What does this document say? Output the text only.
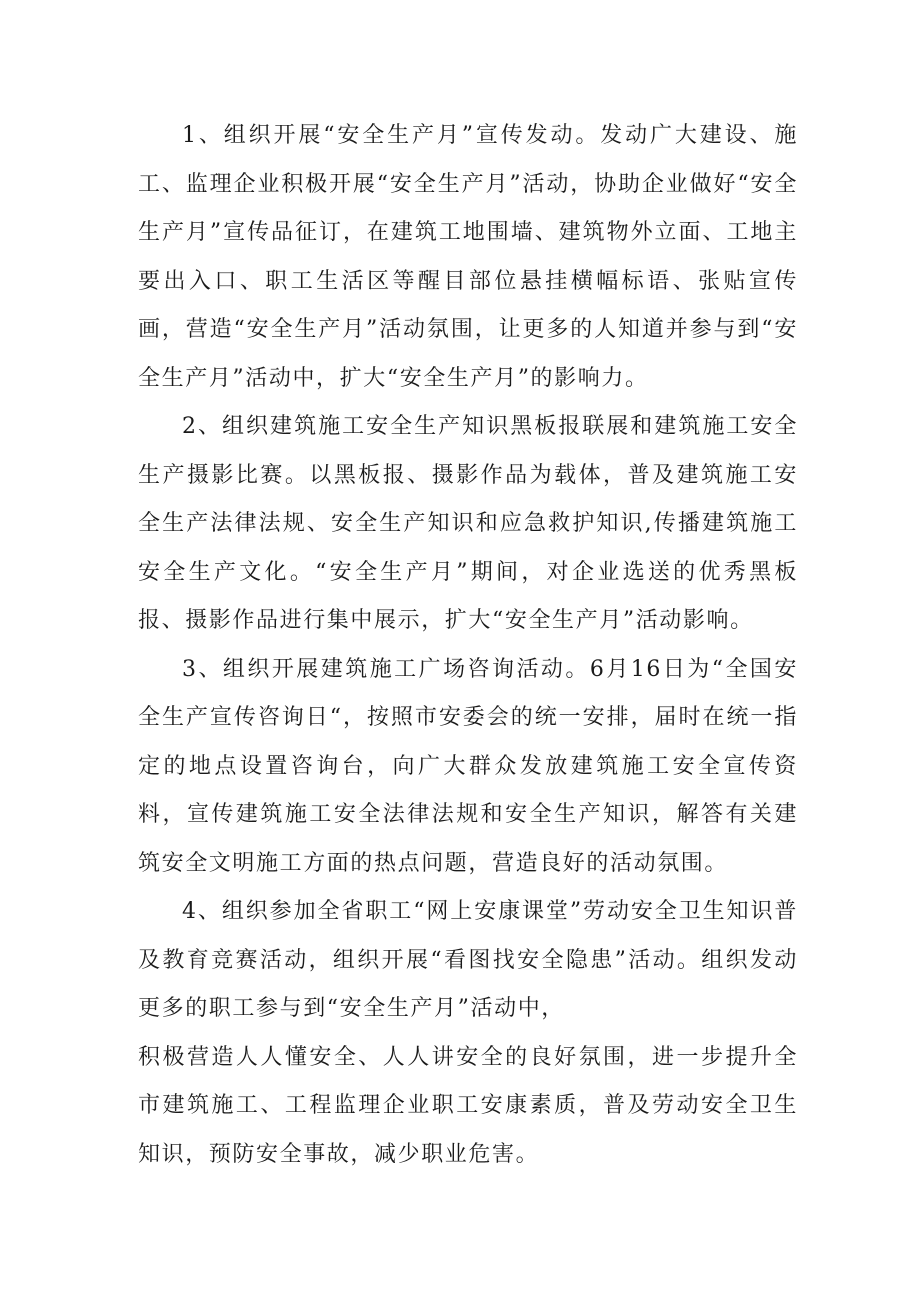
1、组织开展“安全生产月”宣传发动。发动广大建设、施工、监理企业积极开展“安全生产月”活动，协助企业做好“安全生产月”宣传品征订，在建筑工地围墙、建筑物外立面、工地主要出入口、职工生活区等醒目部位悬挂横幅标语、张贴宣传画，营造“安全生产月”活动氛围，让更多的人知道并参与到“安全生产月”活动中，扩大“安全生产月”的影响力。

2、组织建筑施工安全生产知识黑板报联展和建筑施工安全生产摄影比赛。以黑板报、摄影作品为载体，普及建筑施工安全生产法律法规、安全生产知识和应急救护知识,传播建筑施工安全生产文化。“安全生产月”期间，对企业选送的优秀黑板报、摄影作品进行集中展示，扩大“安全生产月”活动影响。

3、组织开展建筑施工广场咨询活动。6月16日为“全国安全生产宣传咨询日“，按照市安委会的统一安排，届时在统一指定的地点设置咨询台，向广大群众发放建筑施工安全宣传资料，宣传建筑施工安全法律法规和安全生产知识，解答有关建筑安全文明施工方面的热点问题，营造良好的活动氛围。

4、组织参加全省职工“网上安康课堂”劳动安全卫生知识普及教育竞赛活动，组织开展“看图找安全隐患”活动。组织发动更多的职工参与到“安全生产月”活动中，

积极营造人人懂安全、人人讲安全的良好氛围，进一步提升全市建筑施工、工程监理企业职工安康素质，普及劳动安全卫生知识，预防安全事故，减少职业危害。
